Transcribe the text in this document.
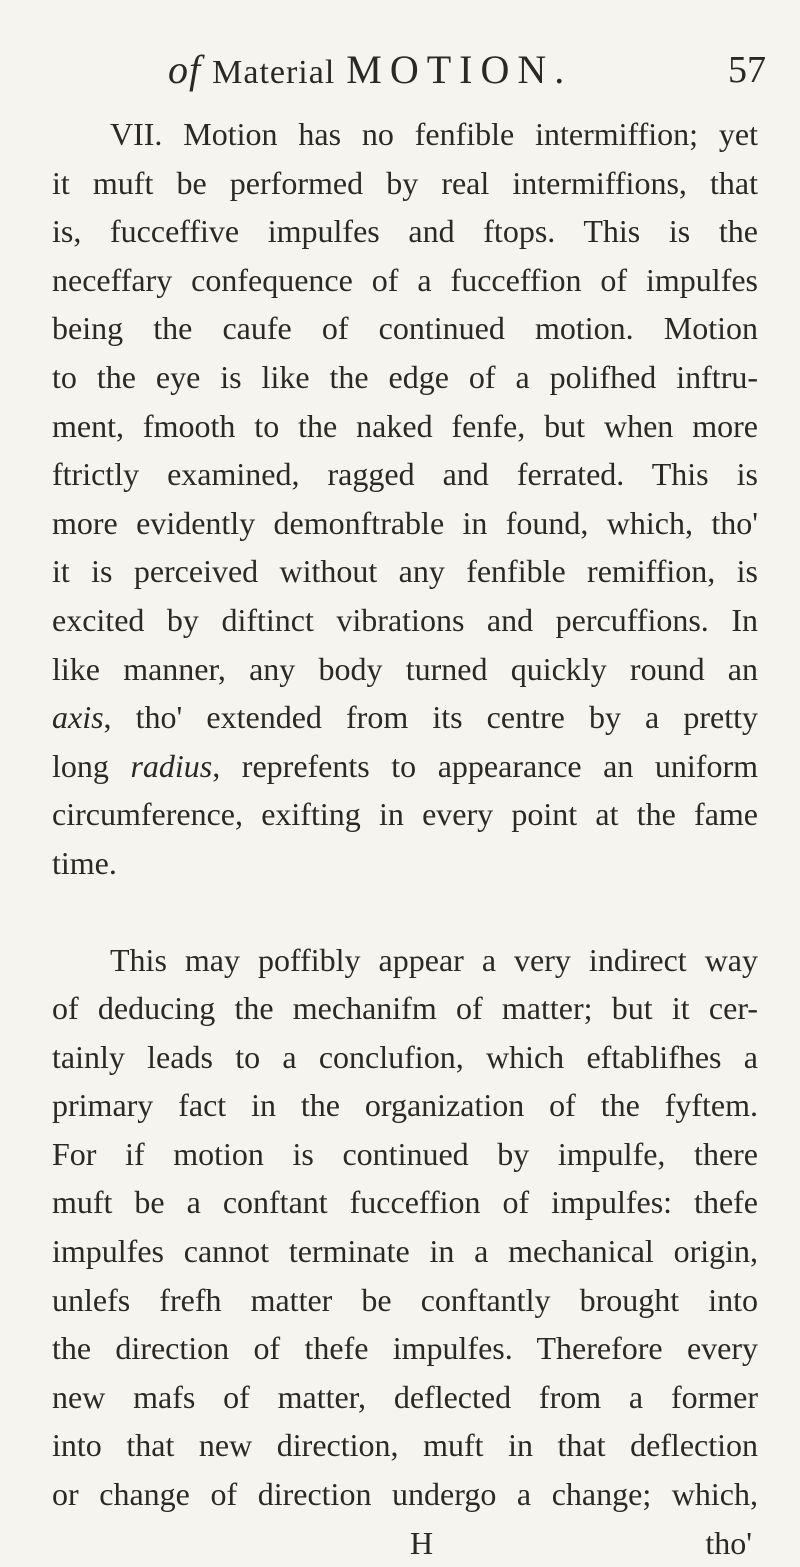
of Material MOTION.	57
VII. Motion has no fenfible intermiffion; yet
it muft be performed by real intermiffions, that
is, fucceffive impulfes and ftops. This is the
neceffary confequence of a fucceffion of impulfes
being the caufe of continued motion. Motion
to the eye is like the edge of a polifhed inftru-
ment, fmooth to the naked fenfe, but when more
ftrictly examined, ragged and ferrated. This is
more evidently demonftrable in found, which, tho'
it is perceived without any fenfible remiffion, is
excited by diftinct vibrations and percuffions. In
like manner, any body turned quickly round an
axis, tho' extended from its centre by a pretty
long radius, reprefents to appearance an uniform
circumference, exifting in every point at the fame
time.
This may poffibly appear a very indirect way
of deducing the mechanifm of matter; but it cer-
tainly leads to a conclufion, which eftablifhes a
primary fact in the organization of the fyftem.
For if motion is continued by impulfe, there
muft be a conftant fucceffion of impulfes: thefe
impulfes cannot terminate in a mechanical origin,
unlefs frefh matter be conftantly brought into
the direction of thefe impulfes. Therefore every
new mafs of matter, deflected from a former
into that new direction, muft in that deflection
or change of direction undergo a change; which,
H	tho'
